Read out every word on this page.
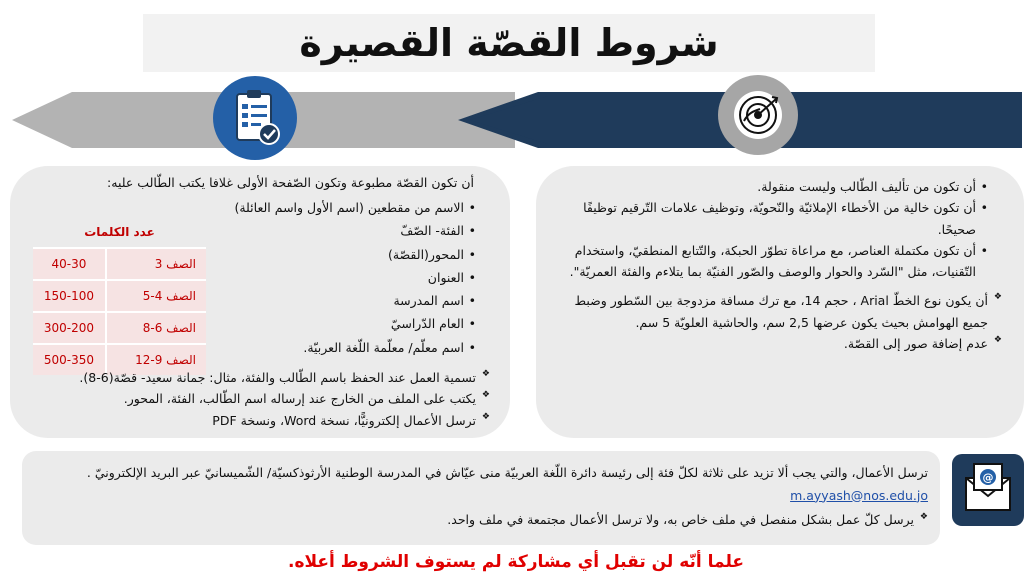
شروط القصّة القصيرة
• أن تكون من تأليف الطّالب وليست منقولة.
• أن تكون خالية من الأخطاء الإملائيّة والنّحويّة، وتوظيف علامات التّرقيم توظيفًا صحيحًا.
• أن تكون مكتملة العناصر، مع مراعاة تطوّر الحبكة، والتّتابع المنطقيّ، واستخدام التّقنيات، مثل "السّرد والحوار والوصف والصّور الفنيّة بما يتلاءم والفئة العمريّة".
❖ أن يكون نوع الخطّ Arial ، حجم 14، مع ترك مسافة مزدوجة بين السّطور وضبط جميع الهوامش بحيث يكون عرضها 2,5 سم، والحاشية العلويّة 5 سم.
❖ عدم إضافة صور إلى القصّة.
أن تكون القصّة مطبوعة وتكون الصّفحة الأولى غلافا يكتب الطّالب عليه:
• الاسم من مقطعين (اسم الأول واسم العائلة)
• الفئة- الصّفّ
• المحور(القصّة)
• العنوان
• اسم المدرسة
• العام الدّراسيّ
• اسم معلّم/ معلّمة اللّغة العربيّة.
عدد الكلمات	
الصف 3	40-30
الصف 4-5	150-100
الصف 6-8	300-200
الصف 9-12	500-350
❖ تسمية العمل عند الحفظ باسم الطّالب والفئة، مثال: جمانة سعيد- قصّة(6-8).
❖ يكتب على الملف من الخارج عند إرساله اسم الطّالب، الفئة، المحور.
❖ ترسل الأعمال إلكترونيًّا، نسخة Word، ونسخة PDF
ترسل الأعمال، والتي يجب ألا تزيد على ثلاثة لكلّ فئة إلى رئيسة دائرة اللّغة العربيّة منى عيّاش في المدرسة الوطنية الأرثوذكسيّة/ الشّميسانيّ عبر البريد الإلكترونيّ . m.ayyash@nos.edu.jo
❖ يرسل كلّ عمل بشكل منفصل في ملف خاص به، ولا ترسل الأعمال مجتمعة في ملف واحد.
@
علما أنّه لن تقبل أي مشاركة لم يستوف الشروط أعلاه.
